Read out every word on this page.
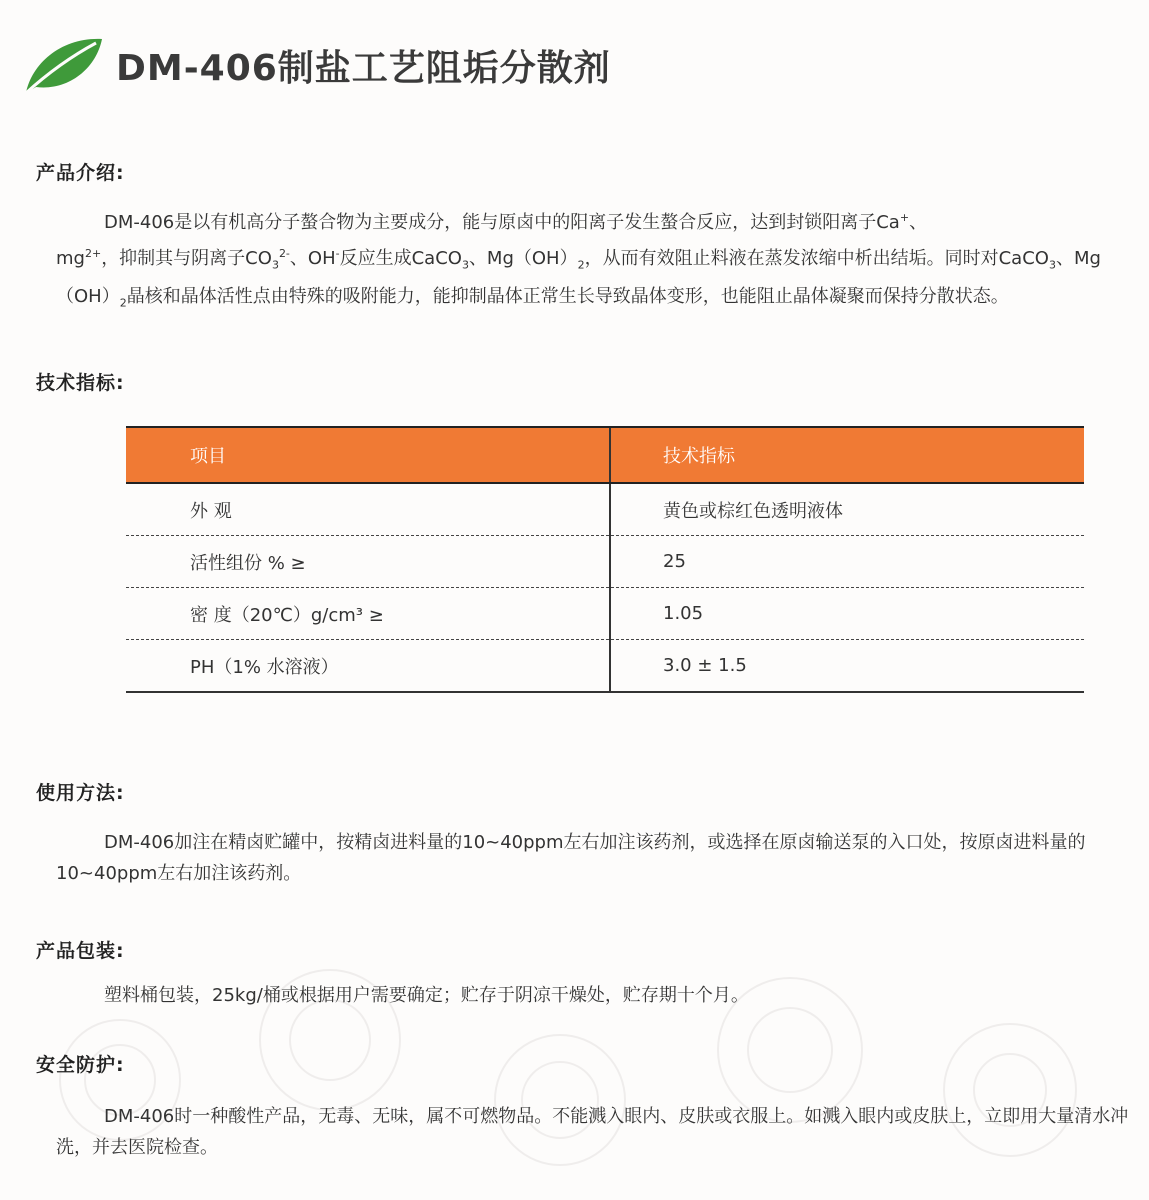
DM-406制盐工艺阻垢分散剂
产品介绍:
DM-406是以有机高分子螯合物为主要成分，能与原卤中的阳离子发生螯合反应，达到封锁阳离子Ca+、
$mg^{2+}$，抑制其与阴离子$CO_3^{2-}$、OH-反应生成CaCO$_3$、$Mg(OH)_2$，从而有效阻止料液在蒸发浓缩中析出结垢。同时对CaCO$_3$、$Mg(OH)_2$晶核和晶体活性点由特殊的吸附能力，能抑制晶体正常生长导致晶体变形，也能阻止晶体凝聚而保持分散状态。
技术指标:
项目	技术指标
外 观	黄色或棕红色透明液体
活性组份 % ≥	25
密 度（20℃）g/cm³ ≥	1.05
PH（1% 水溶液）	3.0 ± 1.5
使用方法:
DM-406加注在精卤贮罐中，按精卤进料量的10~40ppm左右加注该药剂，或选择在原卤输送泵的入口处，按原卤进料量的10~40ppm左右加注该药剂。
产品包装:
塑料桶包装，25kg/桶或根据用户需要确定；贮存于阴凉干燥处，贮存期十个月。
安全防护:
DM-406时一种酸性产品，无毒、无味，属不可燃物品。不能溅入眼内、皮肤或衣服上。如溅入眼内或皮肤上，立即用大量清水冲洗，并去医院检查。
